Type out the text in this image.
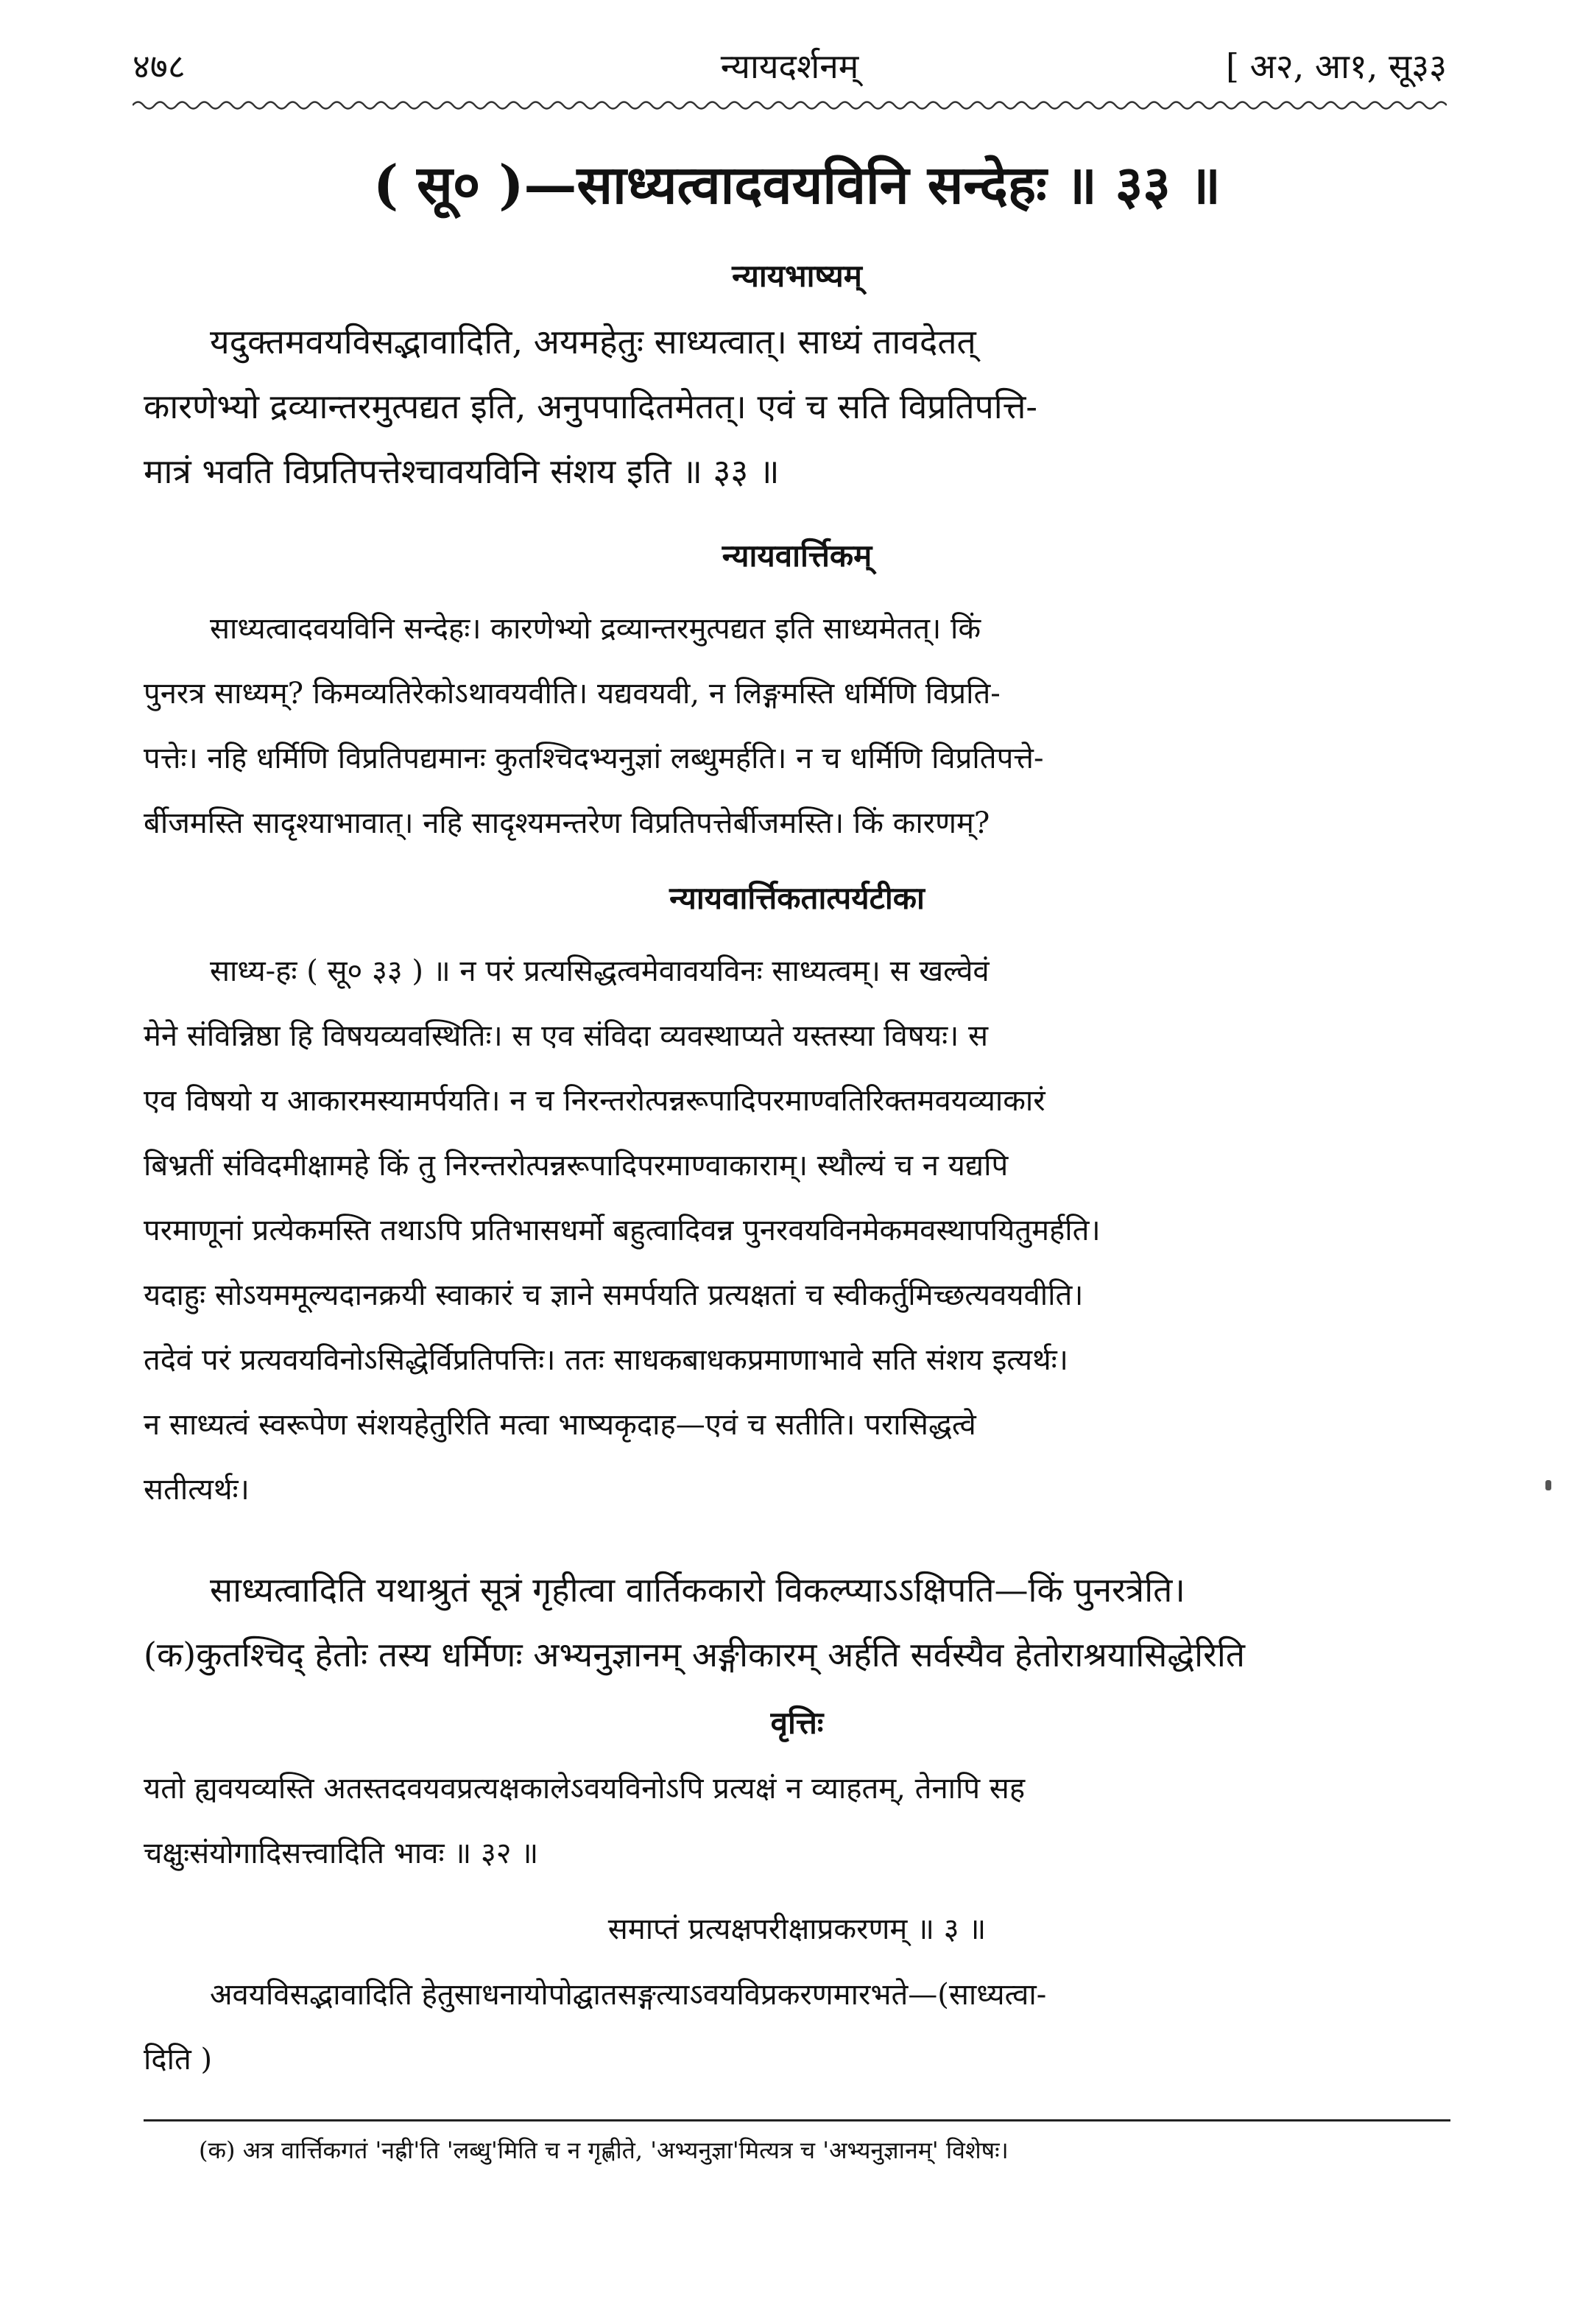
४७८	न्यायदर्शनम्	[ अ२, आ१, सू३३
( सू० )—साध्यत्वादवयविनि सन्देहः ॥ ३३ ॥
न्यायभाष्यम्
यदुक्तमवयविसद्भावादिति, अयमहेतुः साध्यत्वात्। साध्यं तावदेतत्
कारणेभ्यो द्रव्यान्तरमुत्पद्यत इति, अनुपपादितमेतत्। एवं च सति विप्रतिपत्ति-
मात्रं भवति विप्रतिपत्तेश्चावयविनि संशय इति ॥ ३३ ॥
न्यायवार्त्तिकम्
साध्यत्वादवयविनि सन्देहः। कारणेभ्यो द्रव्यान्तरमुत्पद्यत इति साध्यमेतत्। किं
पुनरत्र साध्यम्? किमव्यतिरेकोऽथावयवीति। यद्यवयवी, न लिङ्गमस्ति धर्मिणि विप्रति-
पत्तेः। नहि धर्मिणि विप्रतिपद्यमानः कुतश्चिदभ्यनुज्ञां लब्धुमर्हति। न च धर्मिणि विप्रतिपत्ते-
र्बीजमस्ति सादृश्याभावात्। नहि सादृश्यमन्तरेण विप्रतिपत्तेर्बीजमस्ति। किं कारणम्?
न्यायवार्त्तिकतात्पर्यटीका
साध्य-हः ( सू० ३३ ) ॥ न परं प्रत्यसिद्धत्वमेवावयविनः साध्यत्वम्। स खल्वेवं
मेने संविन्निष्ठा हि विषयव्यवस्थितिः। स एव संविदा व्यवस्थाप्यते यस्तस्या विषयः। स
एव विषयो य आकारमस्यामर्पयति। न च निरन्तरोत्पन्नरूपादिपरमाण्वतिरिक्तमवयव्याकारं
बिभ्रतीं संविदमीक्षामहे किं तु निरन्तरोत्पन्नरूपादिपरमाण्वाकाराम्। स्थौल्यं च न यद्यपि
परमाणूनां प्रत्येकमस्ति तथाऽपि प्रतिभासधर्मो बहुत्वादिवन्न पुनरवयविनमेकमवस्थापयितुमर्हति।
यदाहुः सोऽयममूल्यदानक्रयी स्वाकारं च ज्ञाने समर्पयति प्रत्यक्षतां च स्वीकर्तुमिच्छत्यवयवीति।
तदेवं परं प्रत्यवयविनोऽसिद्धेर्विप्रतिपत्तिः। ततः साधकबाधकप्रमाणाभावे सति संशय इत्यर्थः।
न साध्यत्वं स्वरूपेण संशयहेतुरिति मत्वा भाष्यकृदाह—एवं च सतीति। परासिद्धत्वे
सतीत्यर्थः।
साध्यत्वादिति यथाश्रुतं सूत्रं गृहीत्वा वार्तिककारो विकल्प्याऽऽक्षिपति—किं पुनरत्रेति।
(क)कुतश्चिद् हेतोः तस्य धर्मिणः अभ्यनुज्ञानम् अङ्गीकारम् अर्हति सर्वस्यैव हेतोराश्रयासिद्धेरिति
वृत्तिः
यतो ह्यवयव्यस्ति अतस्तदवयवप्रत्यक्षकालेऽवयविनोऽपि प्रत्यक्षं न व्याहतम्, तेनापि सह
चक्षुःसंयोगादिसत्त्वादिति भावः ॥ ३२ ॥
समाप्तं प्रत्यक्षपरीक्षाप्रकरणम् ॥ ३ ॥
अवयविसद्भावादिति हेतुसाधनायोपोद्घातसङ्गत्याऽवयविप्रकरणमारभते—(साध्यत्वा-
दिति )
(क) अत्र वार्त्तिकगतं 'नह्री'ति 'लब्धु'मिति च न गृह्णीते, 'अभ्यनुज्ञा'मित्यत्र च 'अभ्यनुज्ञानम्' विशेषः।
